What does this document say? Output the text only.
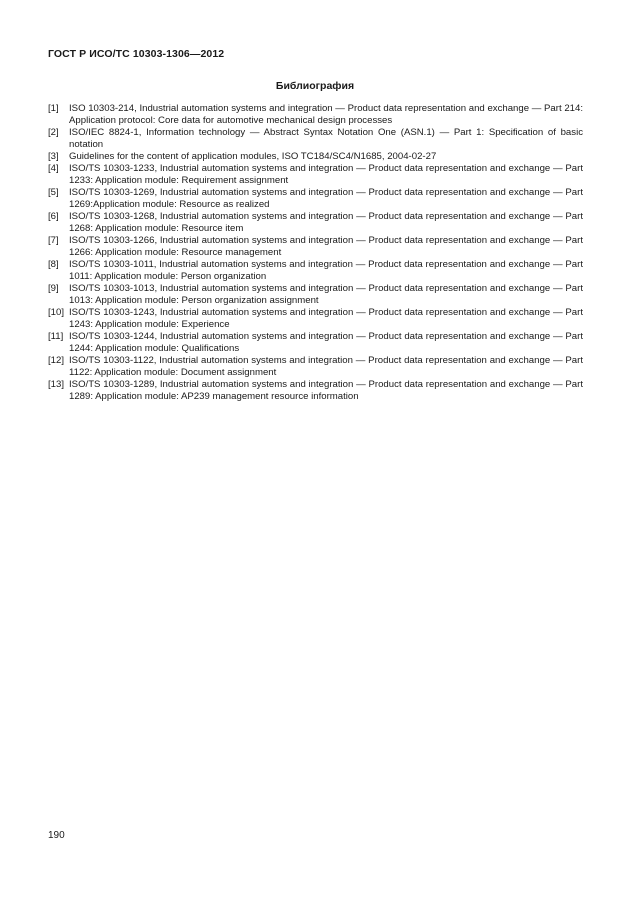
ГОСТ Р ИСО/ТС 10303-1306—2012
Библиография
[1]	ISO 10303-214, Industrial automation systems and integration — Product data representation and exchange — Part 214: Application protocol: Core data for automotive mechanical design processes
[2]	ISO/IEC 8824-1, Information technology — Abstract Syntax Notation One (ASN.1) — Part 1: Specification of basic notation
[3]	Guidelines for the content of application modules, ISO TC184/SC4/N1685, 2004-02-27
[4]	ISO/TS 10303-1233, Industrial automation systems and integration — Product data representation and exchange — Part 1233: Application module: Requirement assignment
[5]	ISO/TS 10303-1269, Industrial automation systems and integration — Product data representation and exchange — Part 1269:Application module: Resource as realized
[6]	ISO/TS 10303-1268, Industrial automation systems and integration — Product data representation and exchange — Part 1268: Application module: Resource item
[7]	ISO/TS 10303-1266, Industrial automation systems and integration — Product data representation and exchange — Part 1266: Application module: Resource management
[8]	ISO/TS 10303-1011, Industrial automation systems and integration — Product data representation and exchange — Part 1011: Application module: Person organization
[9]	ISO/TS 10303-1013, Industrial automation systems and integration — Product data representation and exchange — Part 1013: Application module: Person organization assignment
[10] ISO/TS 10303-1243, Industrial automation systems and integration — Product data representation and exchange — Part 1243: Application module: Experience
[11] ISO/TS 10303-1244, Industrial automation systems and integration — Product data representation and exchange — Part 1244: Application module: Qualifications
[12] ISO/TS 10303-1122, Industrial automation systems and integration — Product data representation and exchange — Part 1122: Application module: Document assignment
[13] ISO/TS 10303-1289, Industrial automation systems and integration — Product data representation and exchange — Part 1289: Application module: AP239 management resource information
190
